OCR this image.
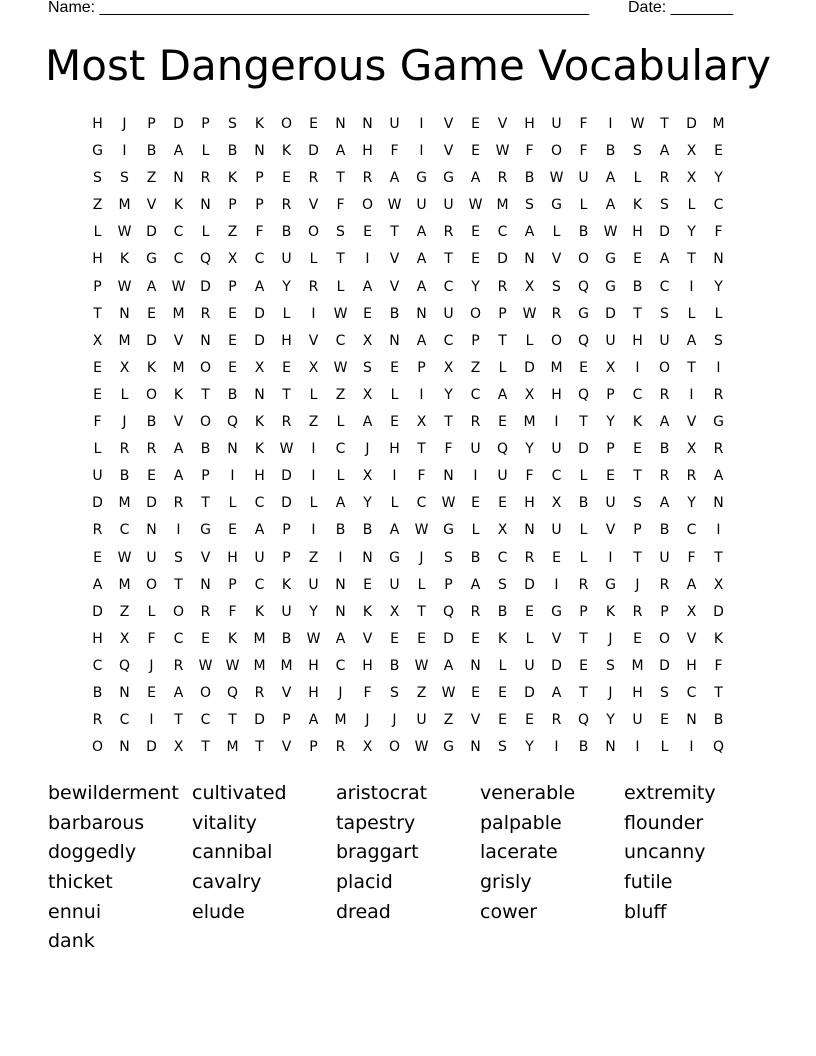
Name: _______________________________________________________ Date: _______
Most Dangerous Game Vocabulary
H	J	P	D	P	S	K	O	E	N	N	U	I	V	E	V	H	U	F	I	W	T	D	M
G	I	B	A	L	B	N	K	D	A	H	F	I	V	E	W	F	O	F	B	S	A	X	E
S	S	Z	N	R	K	P	E	R	T	R	A	G	G	A	R	B	W	U	A	L	R	X	Y
Z	M	V	K	N	P	P	R	V	F	O	W	U	U	W	M	S	G	L	A	K	S	L	C
L	W	D	C	L	Z	F	B	O	S	E	T	A	R	E	C	A	L	B	W	H	D	Y	F
H	K	G	C	Q	X	C	U	L	T	I	V	A	T	E	D	N	V	O	G	E	A	T	N
P	W	A	W	D	P	A	Y	R	L	A	V	A	C	Y	R	X	S	Q	G	B	C	I	Y
T	N	E	M	R	E	D	L	I	W	E	B	N	U	O	P	W	R	G	D	T	S	L	L
X	M	D	V	N	E	D	H	V	C	X	N	A	C	P	T	L	O	Q	U	H	U	A	S
E	X	K	M	O	E	X	E	X	W	S	E	P	X	Z	L	D	M	E	X	I	O	T	I
E	L	O	K	T	B	N	T	L	Z	X	L	I	Y	C	A	X	H	Q	P	C	R	I	R
F	J	B	V	O	Q	K	R	Z	L	A	E	X	T	R	E	M	I	T	Y	K	A	V	G
L	R	R	A	B	N	K	W	I	C	J	H	T	F	U	Q	Y	U	D	P	E	B	X	R
U	B	E	A	P	I	H	D	I	L	X	I	F	N	I	U	F	C	L	E	T	R	R	A
D	M	D	R	T	L	C	D	L	A	Y	L	C	W	E	E	H	X	B	U	S	A	Y	N
R	C	N	I	G	E	A	P	I	B	B	A	W	G	L	X	N	U	L	V	P	B	C	I
E	W	U	S	V	H	U	P	Z	I	N	G	J	S	B	C	R	E	L	I	T	U	F	T
A	M	O	T	N	P	C	K	U	N	E	U	L	P	A	S	D	I	R	G	J	R	A	X
D	Z	L	O	R	F	K	U	Y	N	K	X	T	Q	R	B	E	G	P	K	R	P	X	D
H	X	F	C	E	K	M	B	W	A	V	E	E	D	E	K	L	V	T	J	E	O	V	K
C	Q	J	R	W W	M	M	H	C	H	B	W	A	N	L	U	D	E	S	M	D	H	F
B	N	E	A	O	Q	R	V	H	J	F	S	Z	W	E	E	D	A	T	J	H	S	C	T
R	C	I	T	C	T	D	P	A	M	J	J	U	Z	V	E	E	R	Q	Y	U	E	N	B
O	N	D	X	T	M	T	V	P	R	X	O	W	G	N	S	Y	I	B	N	I	L	I	Q
bewilderment cultivated	aristocrat	venerable	extremity
barbarous	vitality	tapestry	palpable	flounder
doggedly	cannibal	braggart	lacerate	uncanny
thicket	cavalry	placid	grisly	futile
ennui	elude	dread	cower	bluff
dank
